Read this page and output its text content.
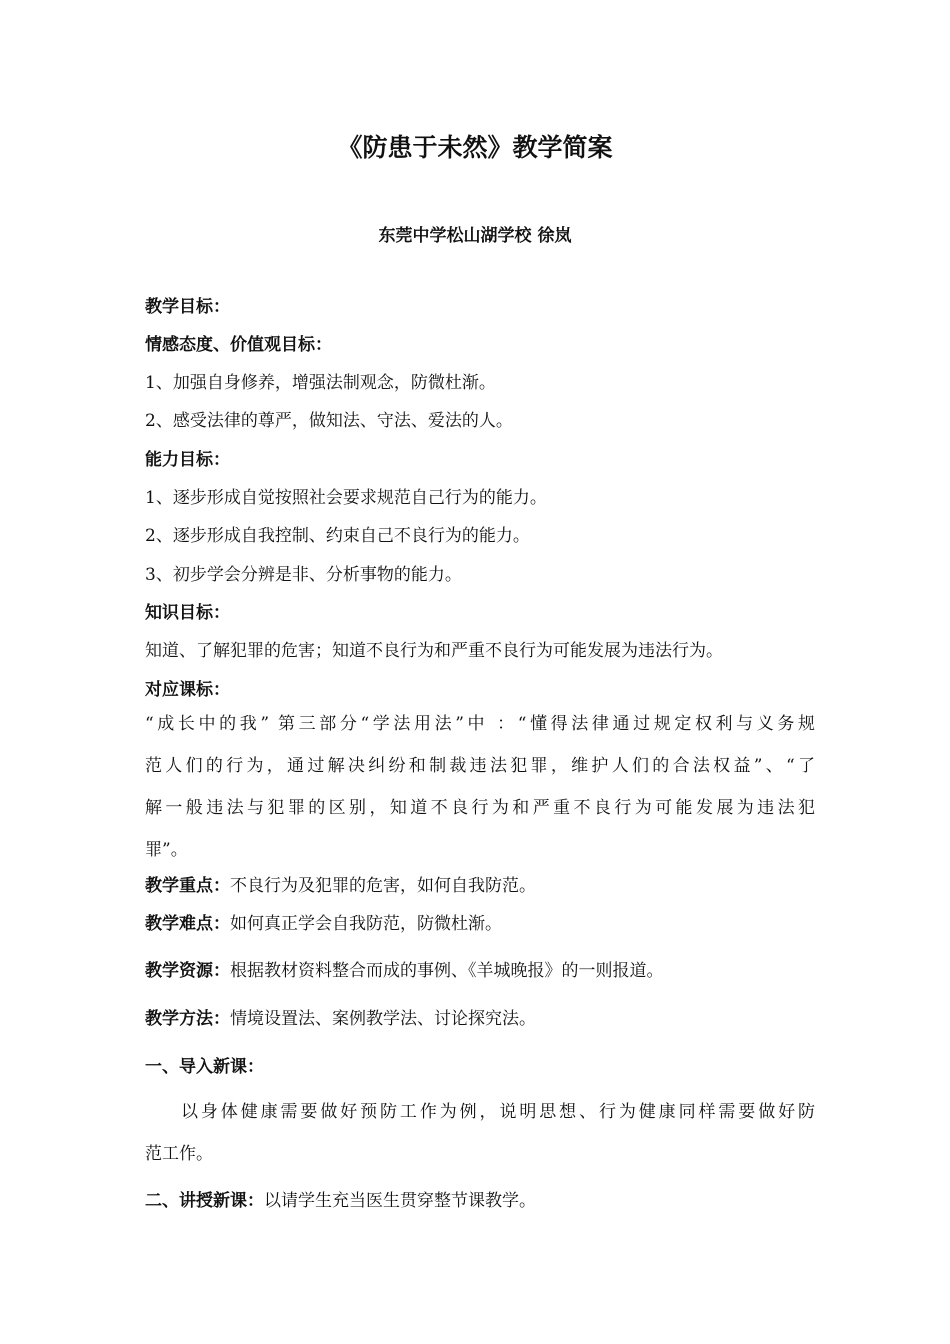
《防患于未然》教学简案
东莞中学松山湖学校 徐岚
教学目标：
情感态度、价值观目标：
1、加强自身修养，增强法制观念，防微杜渐。
2、感受法律的尊严，做知法、守法、爱法的人。
能力目标：
1、逐步形成自觉按照社会要求规范自己行为的能力。
2、逐步形成自我控制、约束自己不良行为的能力。
3、初步学会分辨是非、分析事物的能力。
知识目标：
知道、了解犯罪的危害；知道不良行为和严重不良行为可能发展为违法行为。
对应课标：
“成长中的我” 第三部分“学法用法”中 ：“懂得法律通过规定权利与义务规
范人们的行为，通过解决纠纷和制裁违法犯罪，维护人们的合法权益”、“了
解一般违法与犯罪的区别，知道不良行为和严重不良行为可能发展为违法犯
罪”。
教学重点：不良行为及犯罪的危害，如何自我防范。
教学难点：如何真正学会自我防范，防微杜渐。
教学资源：根据教材资料整合而成的事例、《羊城晚报》的一则报道。
教学方法：情境设置法、案例教学法、讨论探究法。
一、导入新课：
以身体健康需要做好预防工作为例，说明思想、行为健康同样需要做好防
范工作。
二、讲授新课：以请学生充当医生贯穿整节课教学。
